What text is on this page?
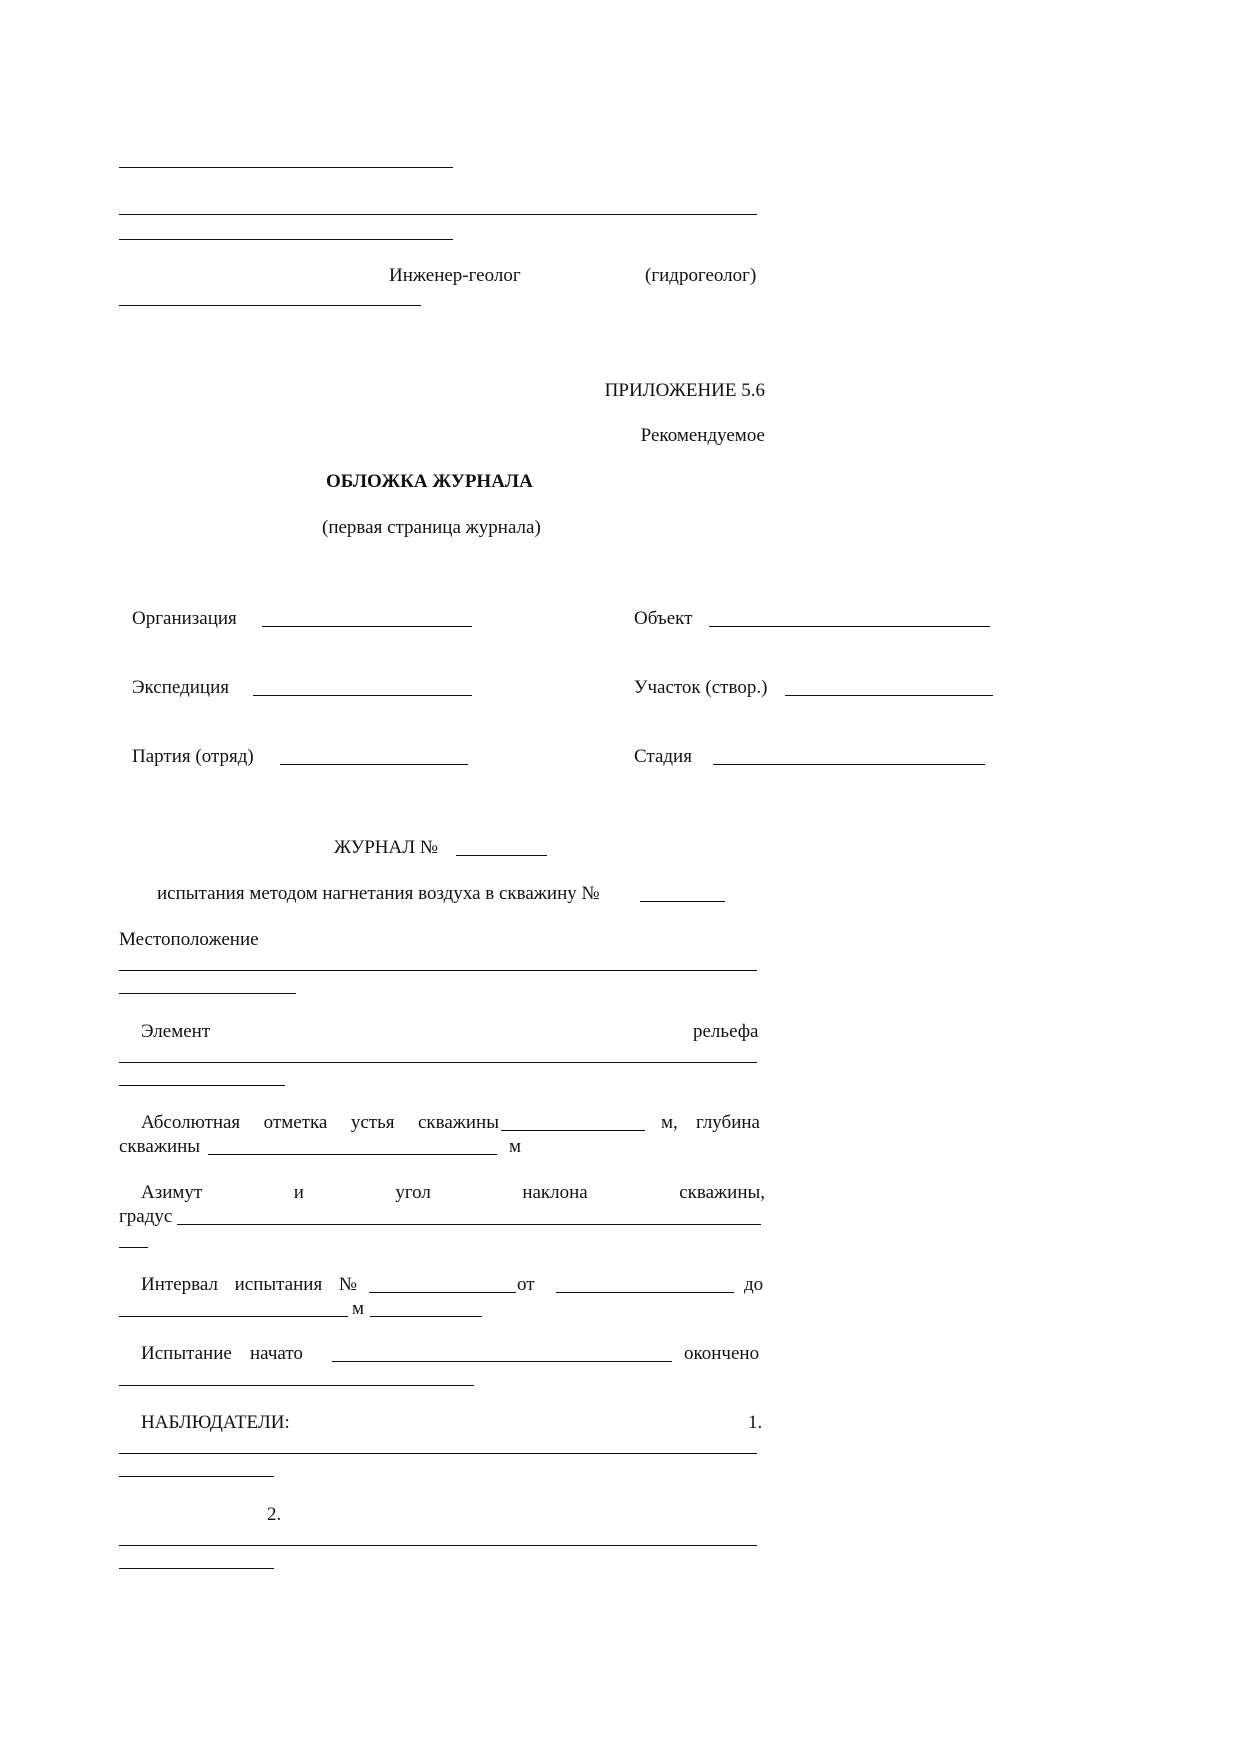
Инженер-геолог	(гидрогеолог)
ПРИЛОЖЕНИЕ 5.6
Рекомендуемое
ОБЛОЖКА ЖУРНАЛА
(первая страница журнала)
Организация	Объект
Экспедиция	Участок (створ.)
Партия (отряд)	Стадия
ЖУРНАЛ №
испытания методом нагнетания воздуха в скважину №
Местоположение
Элемент	рельефа
Абсолютная отметка устья скважины	м, глубина
скважины	м
Азимут	и	угол	наклона	скважины,
градус
Интервал испытания №	от	до
м
Испытание начато	окончено
НАБЛЮДАТЕЛИ:	1.
2.
